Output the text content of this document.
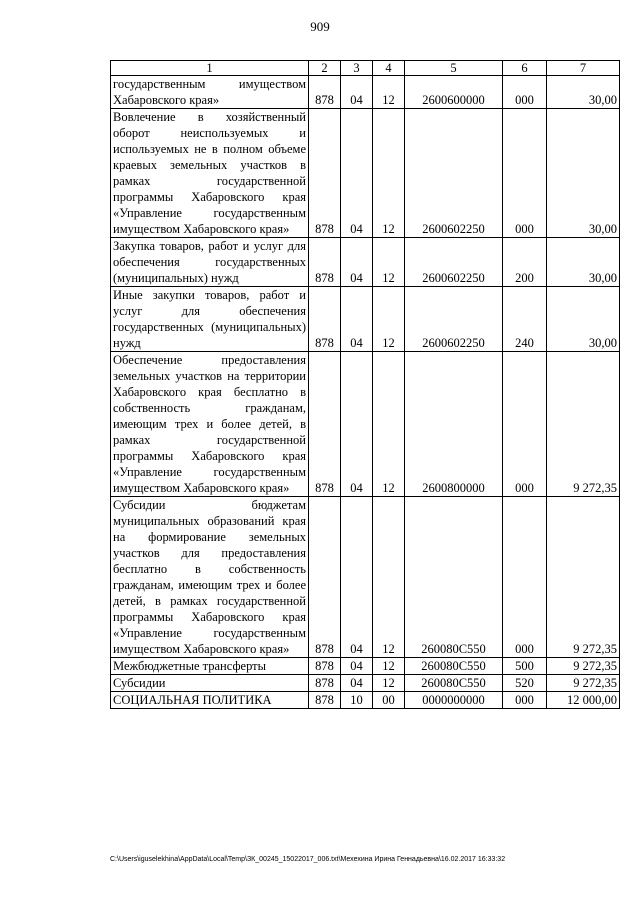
909
1	2	3	4	5	6	7
государственным имуществом Хабаровского края»	878	04	12	2600600000	000	30,00
Вовлечение в хозяйственный оборот неиспользуемых и используемых не в полном объеме краевых земельных участков в рамках государственной программы Хабаровского края «Управление государственным имуществом Хабаровского края»	878	04	12	2600602250	000	30,00
Закупка товаров, работ и услуг для обеспечения государственных (муниципальных) нужд	878	04	12	2600602250	200	30,00
Иные закупки товаров, работ и услуг для обеспечения государственных (муниципальных) нужд	878	04	12	2600602250	240	30,00
Обеспечение предоставления земельных участков на территории Хабаровского края бесплатно в собственность гражданам, имеющим трех и более детей, в рамках государственной программы Хабаровского края «Управление государственным имуществом Хабаровского края»	878	04	12	2600800000	000	9 272,35
Субсидии бюджетам муниципальных образований края на формирование земельных участков для предоставления бесплатно в собственность гражданам, имеющим трех и более детей, в рамках государственной программы Хабаровского края «Управление государственным имуществом Хабаровского края»	878	04	12	260080С550	000	9 272,35
Межбюджетные трансферты	878	04	12	260080С550	500	9 272,35
Субсидии	878	04	12	260080С550	520	9 272,35
СОЦИАЛЬНАЯ ПОЛИТИКА	878	10	00	0000000000	000	12 000,00
C:\Users\iguselekhina\AppData\Local\Temp\ЗК_00245_15022017_006.txt\Мехехина Ирина Геннадьевна\16.02.2017 16:33:32
